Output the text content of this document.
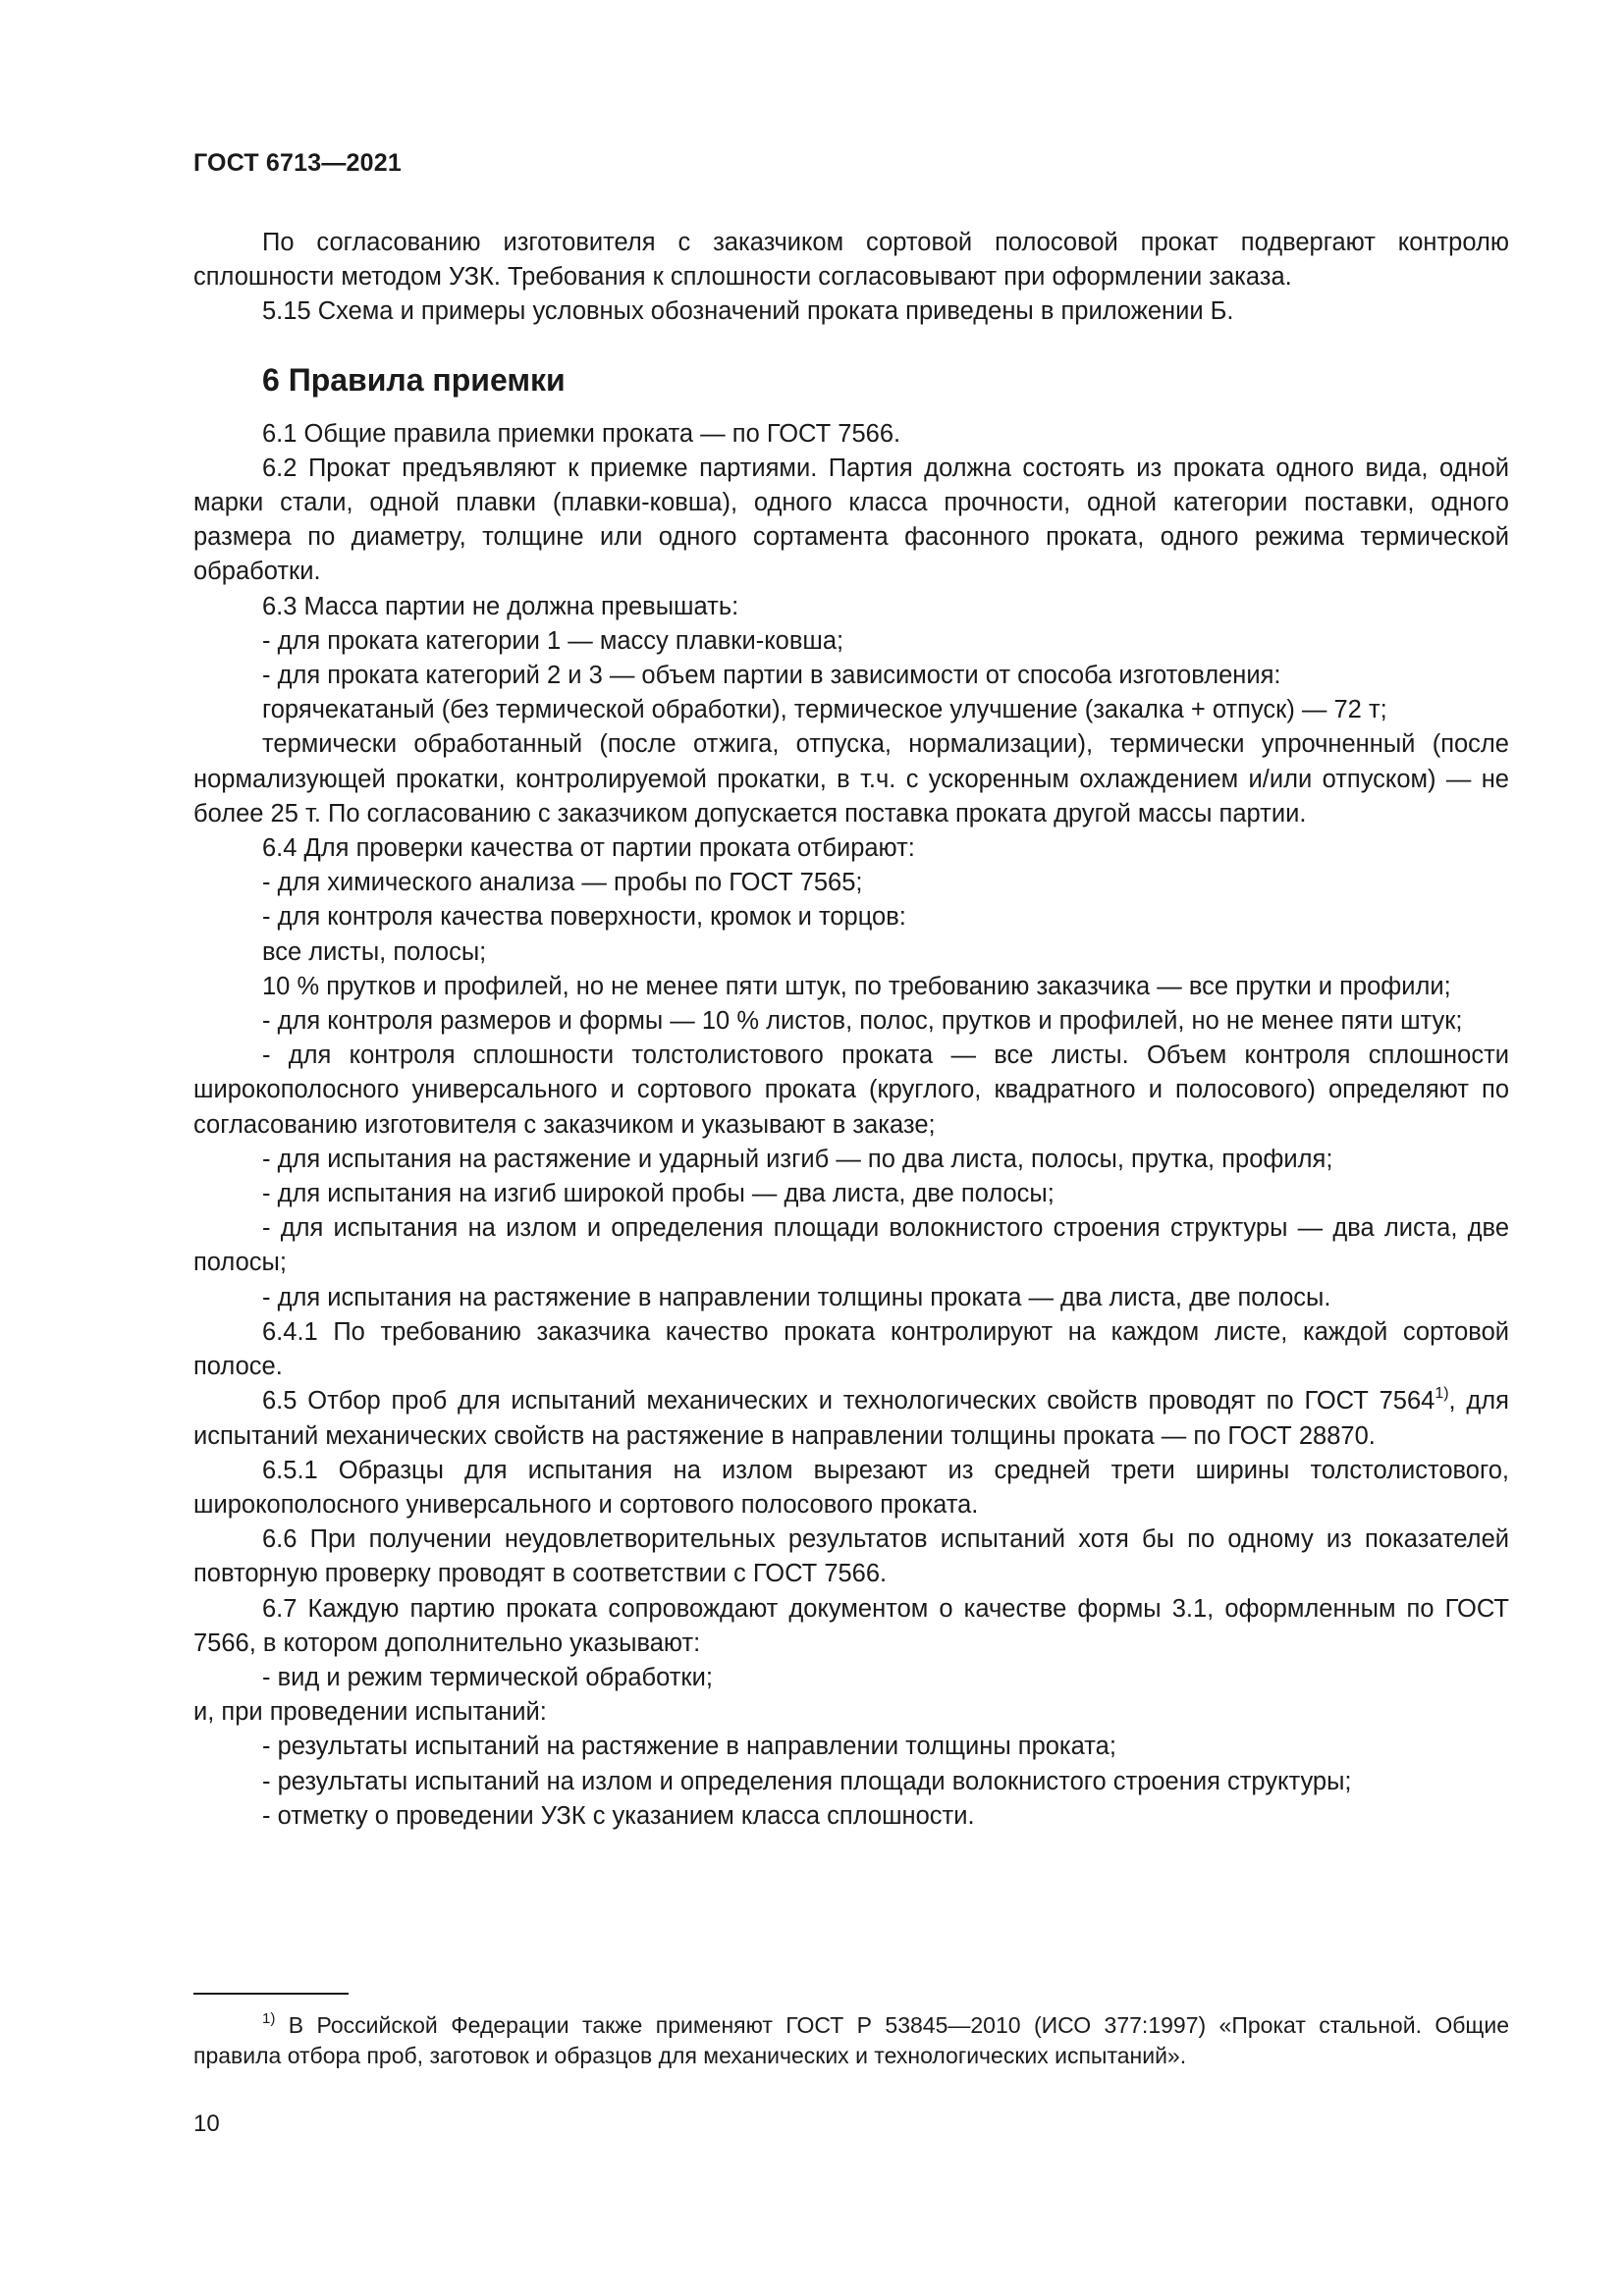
ГОСТ 6713—2021

По согласованию изготовителя с заказчиком сортовой полосовой прокат подвергают контролю сплошности методом УЗК. Требования к сплошности согласовывают при оформлении заказа.

5.15 Схема и примеры условных обозначений проката приведены в приложении Б.

6 Правила приемки

6.1 Общие правила приемки проката — по ГОСТ 7566.

6.2 Прокат предъявляют к приемке партиями. Партия должна состоять из проката одного вида, одной марки стали, одной плавки (плавки-ковша), одного класса прочности, одной категории поставки, одного размера по диаметру, толщине или одного сортамента фасонного проката, одного режима термической обработки.

6.3 Масса партии не должна превышать:

- для проката категории 1 — массу плавки-ковша;

- для проката категорий 2 и 3 — объем партии в зависимости от способа изготовления:

горячекатаный (без термической обработки), термическое улучшение (закалка + отпуск) — 72 т;

термически обработанный (после отжига, отпуска, нормализации), термически упрочненный (после нормализующей прокатки, контролируемой прокатки, в т.ч. с ускоренным охлаждением и/или отпуском) — не более 25 т. По согласованию с заказчиком допускается поставка проката другой массы партии.

6.4 Для проверки качества от партии проката отбирают:

- для химического анализа — пробы по ГОСТ 7565;

- для контроля качества поверхности, кромок и торцов:

все листы, полосы;

10 % прутков и профилей, но не менее пяти штук, по требованию заказчика — все прутки и профили;

- для контроля размеров и формы — 10 % листов, полос, прутков и профилей, но не менее пяти штук;

- для контроля сплошности толстолистового проката — все листы. Объем контроля сплошности широкополосного универсального и сортового проката (круглого, квадратного и полосового) определяют по согласованию изготовителя с заказчиком и указывают в заказе;

- для испытания на растяжение и ударный изгиб — по два листа, полосы, прутка, профиля;

- для испытания на изгиб широкой пробы — два листа, две полосы;

- для испытания на излом и определения площади волокнистого строения структуры — два листа, две полосы;

- для испытания на растяжение в направлении толщины проката — два листа, две полосы.

6.4.1 По требованию заказчика качество проката контролируют на каждом листе, каждой сортовой полосе.

6.5 Отбор проб для испытаний механических и технологических свойств проводят по ГОСТ 7564$^{1)}$, для испытаний механических свойств на растяжение в направлении толщины проката — по ГОСТ 28870.

6.5.1 Образцы для испытания на излом вырезают из средней трети ширины толстолистового, широкополосного универсального и сортового полосового проката.

6.6 При получении неудовлетворительных результатов испытаний хотя бы по одному из показателей повторную проверку проводят в соответствии с ГОСТ 7566.

6.7 Каждую партию проката сопровождают документом о качестве формы 3.1, оформленным по ГОСТ 7566, в котором дополнительно указывают:

- вид и режим термической обработки;

и, при проведении испытаний:

- результаты испытаний на растяжение в направлении толщины проката;

- результаты испытаний на излом и определения площади волокнистого строения структуры;

- отметку о проведении УЗК с указанием класса сплошности.

$^{1)}$ В Российской Федерации также применяют ГОСТ Р 53845—2010 (ИСО 377:1997) «Прокат стальной. Общие правила отбора проб, заготовок и образцов для механических и технологических испытаний».

10
